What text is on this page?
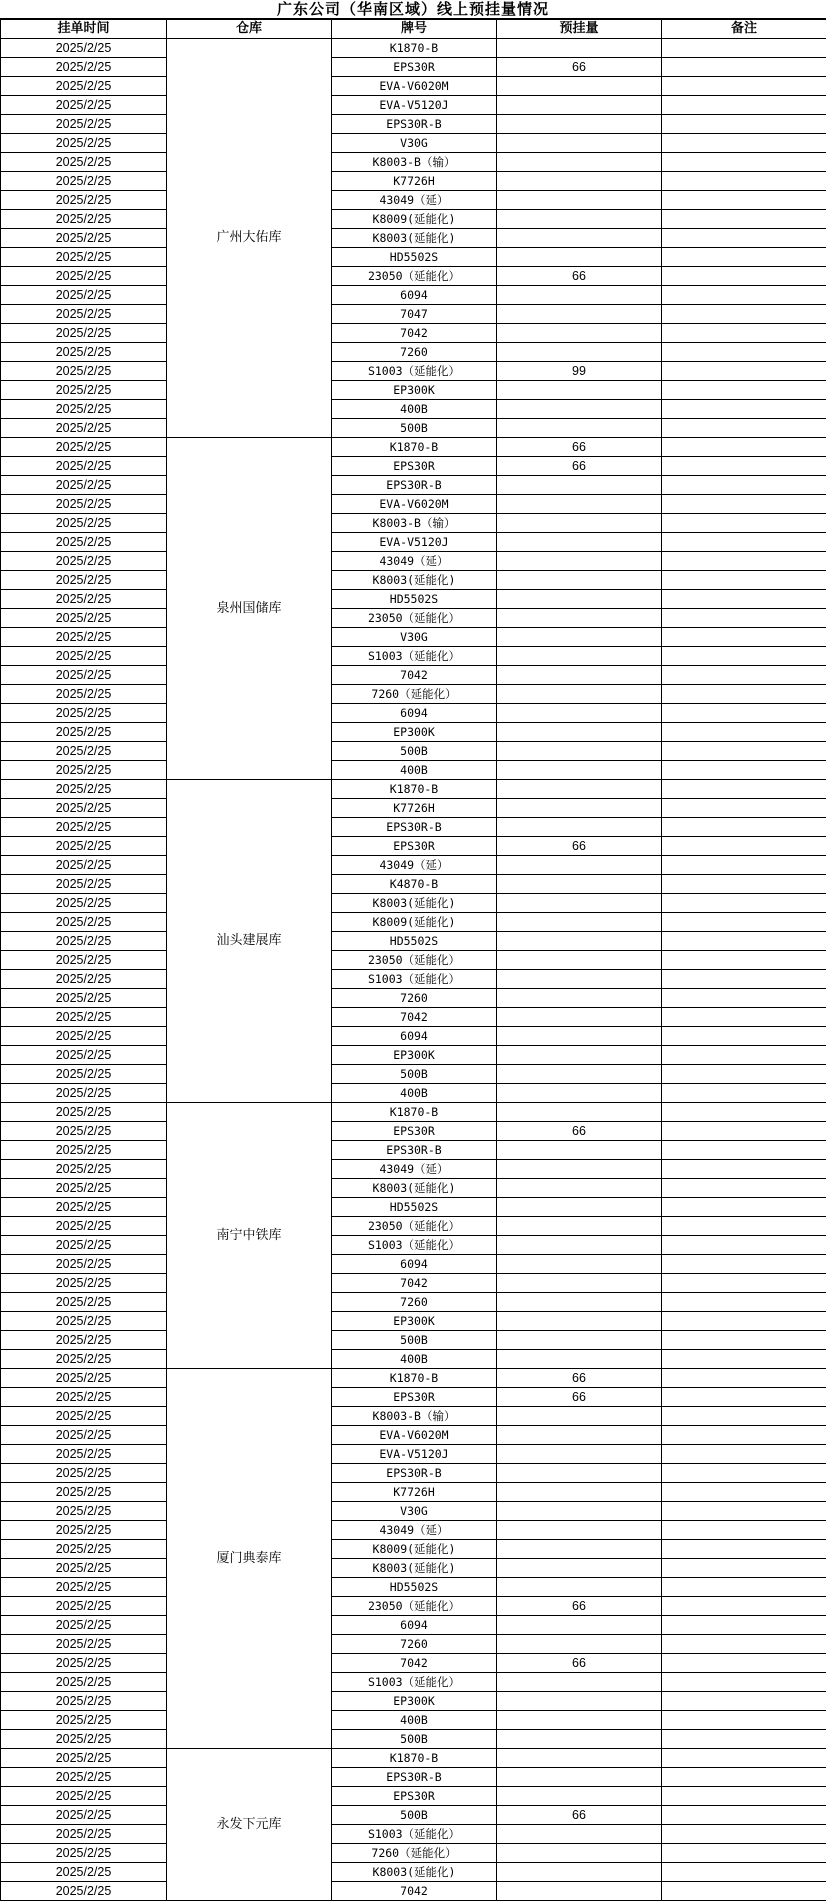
广东公司（华南区域）线上预挂量情况
挂单时间	仓库	牌号	预挂量	备注
2025/2/25	广州大佑库	K1870-B		
2025/2/25		EPS30R	66	
2025/2/25		EVA-V6020M		
2025/2/25		EVA-V5120J		
2025/2/25		EPS30R-B		
2025/2/25		V30G		
2025/2/25		K8003-B（输）		
2025/2/25		K7726H		
2025/2/25		43049（延）		
2025/2/25		K8009(延能化)		
2025/2/25		K8003(延能化)		
2025/2/25		HD5502S		
2025/2/25		23050（延能化）	66	
2025/2/25		6094		
2025/2/25		7047		
2025/2/25		7042		
2025/2/25		7260		
2025/2/25		S1003（延能化）	99	
2025/2/25		EP300K		
2025/2/25		400B		
2025/2/25		500B		
2025/2/25	泉州国储库	K1870-B	66	
2025/2/25		EPS30R	66	
2025/2/25		EPS30R-B		
2025/2/25		EVA-V6020M		
2025/2/25		K8003-B（输）		
2025/2/25		EVA-V5120J		
2025/2/25		43049（延）		
2025/2/25		K8003(延能化)		
2025/2/25		HD5502S		
2025/2/25		23050（延能化）		
2025/2/25		V30G		
2025/2/25		S1003（延能化）		
2025/2/25		7042		
2025/2/25		7260（延能化）		
2025/2/25		6094		
2025/2/25		EP300K		
2025/2/25		500B		
2025/2/25		400B		
2025/2/25	汕头建展库	K1870-B		
2025/2/25		K7726H		
2025/2/25		EPS30R-B		
2025/2/25		EPS30R	66	
2025/2/25		43049（延）		
2025/2/25		K4870-B		
2025/2/25		K8003(延能化)		
2025/2/25		K8009(延能化)		
2025/2/25		HD5502S		
2025/2/25		23050（延能化）		
2025/2/25		S1003（延能化）		
2025/2/25		7260		
2025/2/25		7042		
2025/2/25		6094		
2025/2/25		EP300K		
2025/2/25		500B		
2025/2/25		400B		
2025/2/25	南宁中铁库	K1870-B		
2025/2/25		EPS30R	66	
2025/2/25		EPS30R-B		
2025/2/25		43049（延）		
2025/2/25		K8003(延能化)		
2025/2/25		HD5502S		
2025/2/25		23050（延能化）		
2025/2/25		S1003（延能化）		
2025/2/25		6094		
2025/2/25		7042		
2025/2/25		7260		
2025/2/25		EP300K		
2025/2/25		500B		
2025/2/25		400B		
2025/2/25	厦门典泰库	K1870-B	66	
2025/2/25		EPS30R	66	
2025/2/25		K8003-B（输）		
2025/2/25		EVA-V6020M		
2025/2/25		EVA-V5120J		
2025/2/25		EPS30R-B		
2025/2/25		K7726H		
2025/2/25		V30G		
2025/2/25		43049（延）		
2025/2/25		K8009(延能化)		
2025/2/25		K8003(延能化)		
2025/2/25		HD5502S		
2025/2/25		23050（延能化）	66	
2025/2/25		6094		
2025/2/25		7260		
2025/2/25		7042	66	
2025/2/25		S1003（延能化）		
2025/2/25		EP300K		
2025/2/25		400B		
2025/2/25		500B		
2025/2/25	永发下元库	K1870-B		
2025/2/25		EPS30R-B		
2025/2/25		EPS30R		
2025/2/25		500B	66	
2025/2/25		S1003（延能化）		
2025/2/25		7260（延能化）		
2025/2/25		K8003(延能化)		
2025/2/25		7042		
